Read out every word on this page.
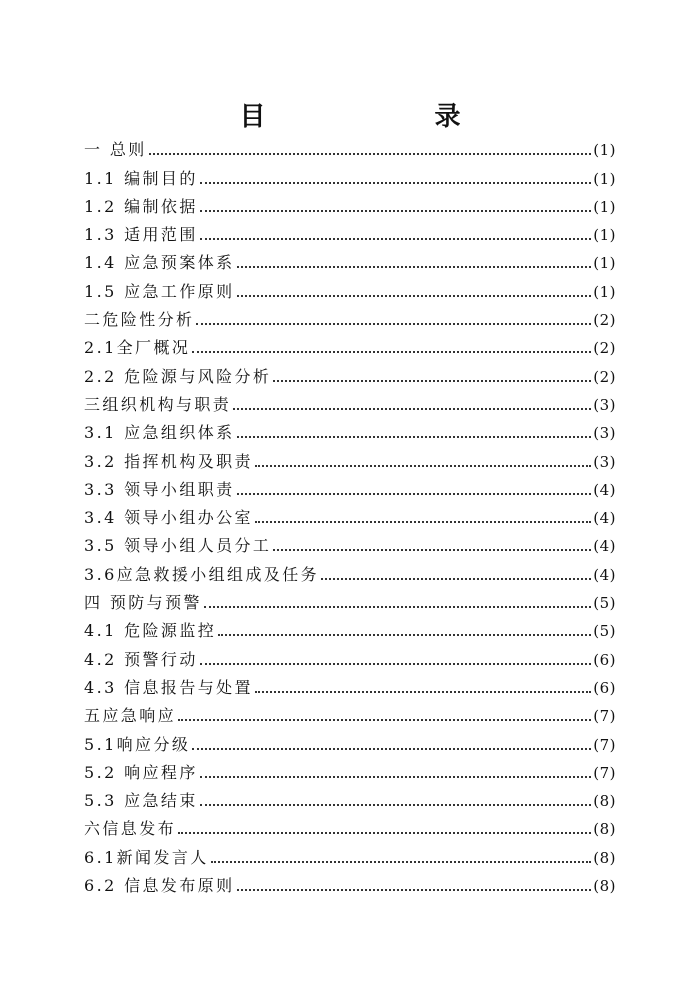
目 录
一 总则	(1)
1.1 编制目的	(1)
1.2 编制依据	(1)
1.3 适用范围	(1)
1.4 应急预案体系	(1)
1.5 应急工作原则	(1)
二危险性分析	(2)
2.1全厂概况	(2)
2.2 危险源与风险分析	(2)
三组织机构与职责	(3)
3.1 应急组织体系	(3)
3.2 指挥机构及职责	(3)
3.3 领导小组职责	(4)
3.4 领导小组办公室	(4)
3.5 领导小组人员分工	(4)
3.6应急救援小组组成及任务	(4)
四 预防与预警	(5)
4.1 危险源监控	(5)
4.2 预警行动	(6)
4.3 信息报告与处置	(6)
五应急响应	(7)
5.1响应分级	(7)
5.2 响应程序	(7)
5.3 应急结束	(8)
六信息发布	(8)
6.1新闻发言人	(8)
6.2 信息发布原则	(8)
